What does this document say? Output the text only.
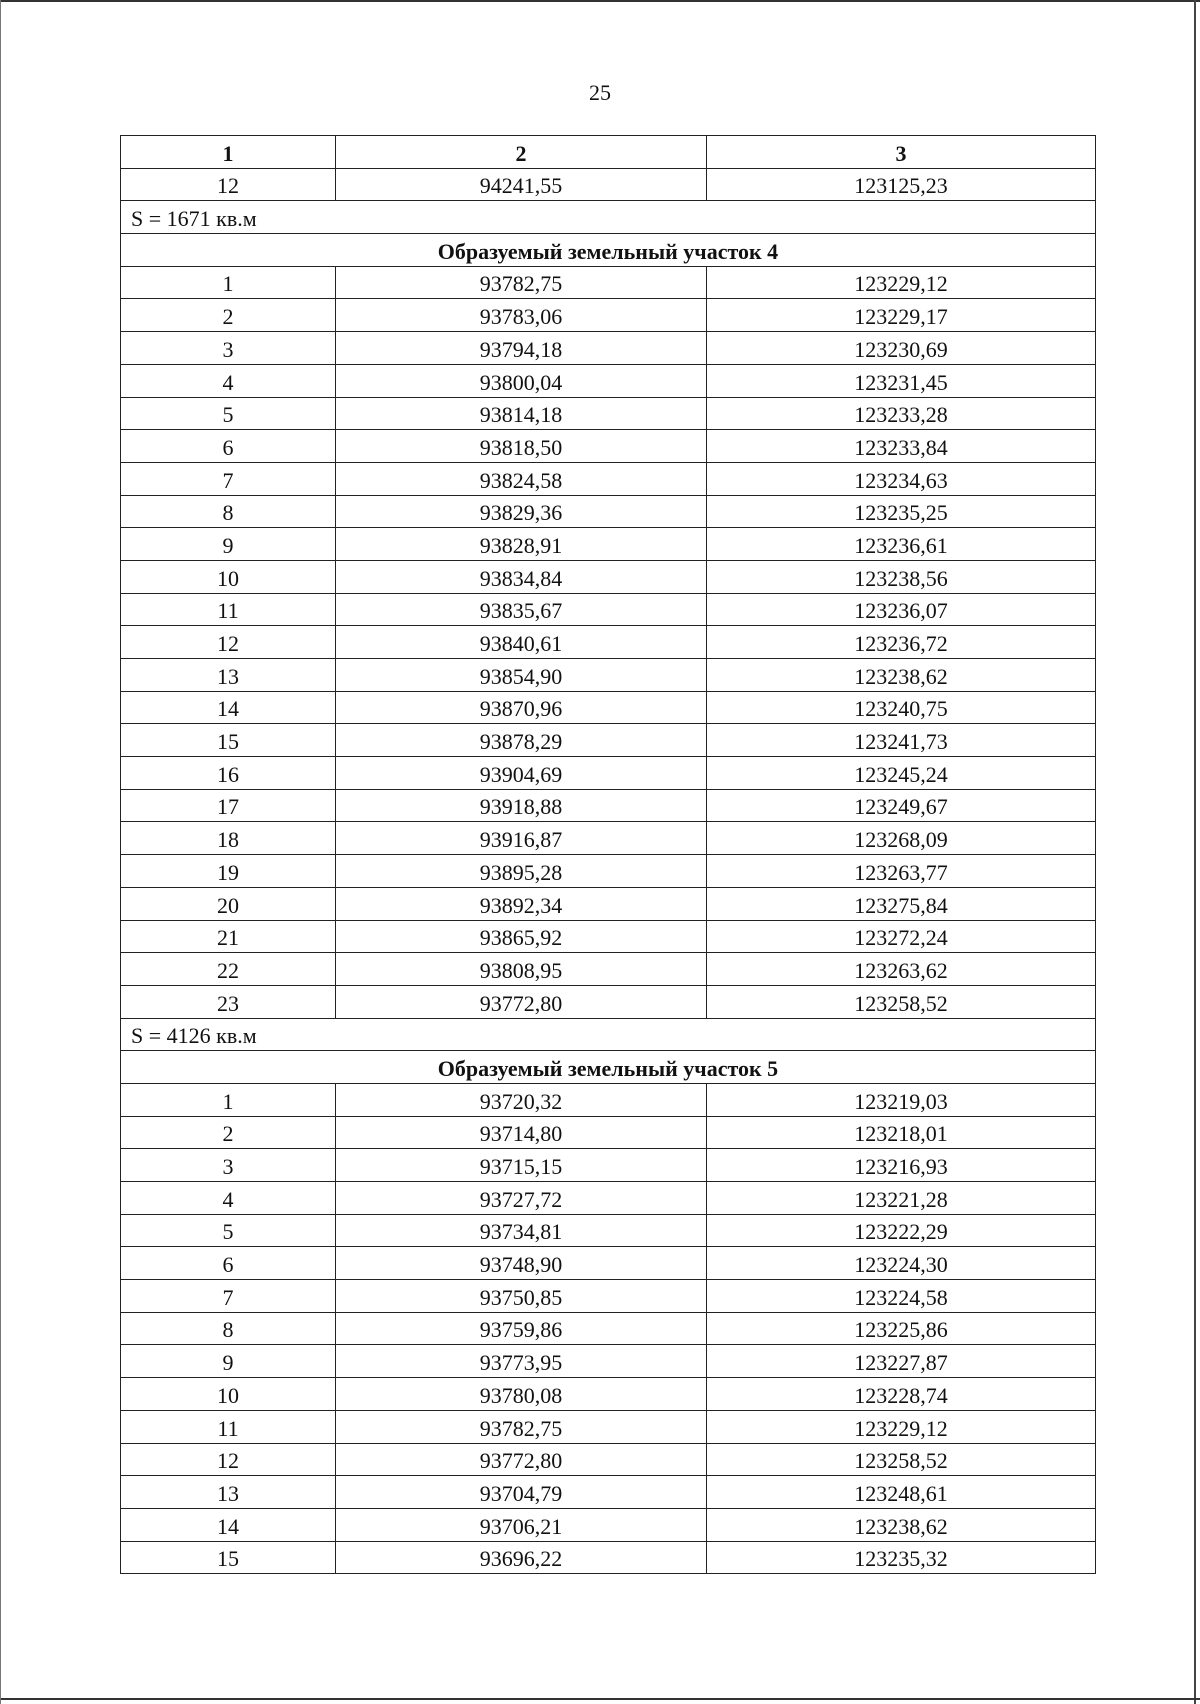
25
1	2	3
12	94241,55	123125,23
S = 1671 кв.м		
Образуемый земельный участок 4		
1	93782,75	123229,12
2	93783,06	123229,17
3	93794,18	123230,69
4	93800,04	123231,45
5	93814,18	123233,28
6	93818,50	123233,84
7	93824,58	123234,63
8	93829,36	123235,25
9	93828,91	123236,61
10	93834,84	123238,56
11	93835,67	123236,07
12	93840,61	123236,72
13	93854,90	123238,62
14	93870,96	123240,75
15	93878,29	123241,73
16	93904,69	123245,24
17	93918,88	123249,67
18	93916,87	123268,09
19	93895,28	123263,77
20	93892,34	123275,84
21	93865,92	123272,24
22	93808,95	123263,62
23	93772,80	123258,52
S = 4126 кв.м		
Образуемый земельный участок 5		
1	93720,32	123219,03
2	93714,80	123218,01
3	93715,15	123216,93
4	93727,72	123221,28
5	93734,81	123222,29
6	93748,90	123224,30
7	93750,85	123224,58
8	93759,86	123225,86
9	93773,95	123227,87
10	93780,08	123228,74
11	93782,75	123229,12
12	93772,80	123258,52
13	93704,79	123248,61
14	93706,21	123238,62
15	93696,22	123235,32
